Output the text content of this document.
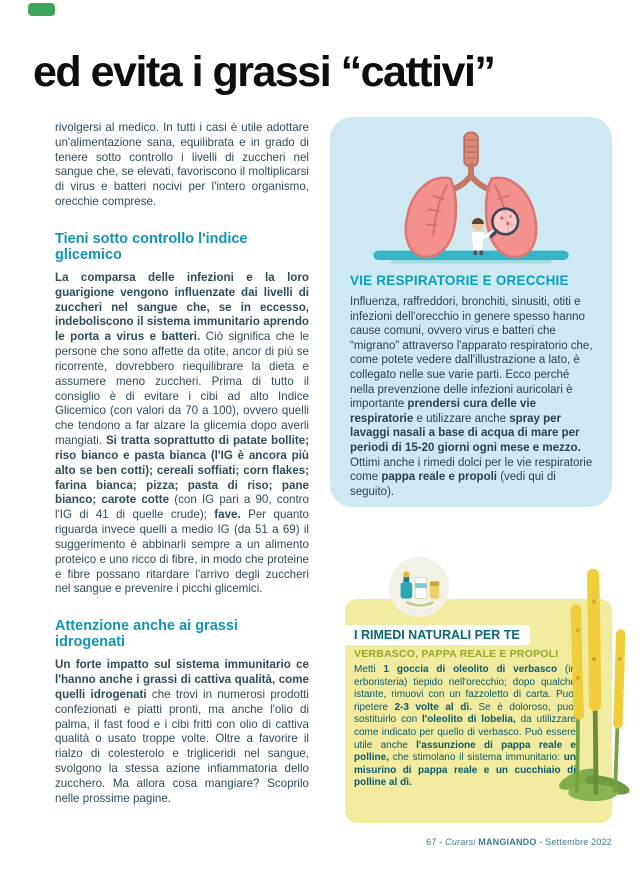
ed evita i grassi “cattivi”

rivolgersi al medico. In tutti i casi è utile adottare un'alimentazione sana, equilibrata e in grado di tenere sotto controllo i livelli di zuccheri nel sangue che, se elevati, favoriscono il moltiplicarsi di virus e batteri nocivi per l'intero organismo, orecchie comprese.

Tieni sotto controllo l'indice glicemico

La comparsa delle infezioni e la loro guarigione vengono influenzate dai livelli di zuccheri nel sangue che, se in eccesso, indeboliscono il sistema immunitario aprendo le porta a virus e batteri. Ciò significa che le persone che sono affette da otite, ancor di più se ricorrente, dovrebbero riequilibrare la dieta e assumere meno zuccheri. Prima di tutto il consiglio è di evitare i cibi ad alto Indice Glicemico (con valori da 70 a 100), ovvero quelli che tendono a far alzare la glicemia dopo averli mangiati. Si tratta soprattutto di patate bollite; riso bianco e pasta bianca (l'IG è ancora più alto se ben cotti); cereali soffiati; corn flakes; farina bianca; pizza; pasta di riso; pane bianco; carote cotte (con IG pari a 90, contro l'IG di 41 di quelle crude); fave. Per quanto riguarda invece quelli a medio IG (da 51 a 69) il suggerimento è abbinarli sempre a un alimento proteico e uno ricco di fibre, in modo che proteine e fibre possano ritardare l'arrivo degli zuccheri nel sangue e prevenire i picchi glicemici.

Attenzione anche ai grassi idrogenati

Un forte impatto sul sistema immunitario ce l'hanno anche i grassi di cattiva qualità, come quelli idrogenati che trovi in numerosi prodotti confezionati e piatti pronti, ma anche l'olio di palma, il fast food e i cibi fritti con olio di cattiva qualità o usato troppe volte. Oltre a favorire il rialzo di colesterolo e trigliceridi nel sangue, svolgono la stessa azione infiammatoria dello zucchero. Ma allora cosa mangiare? Scoprilo nelle prossime pagine.

VIE RESPIRATORIE E ORECCHIE

Influenza, raffreddori, bronchiti, sinusiti, otiti e infezioni dell'orecchio in genere spesso hanno cause comuni, ovvero virus e batteri che “migrano” attraverso l'apparato respiratorio che, come potete vedere dall'illustrazione a lato, è collegato nelle sue varie parti. Ecco perché nella prevenzione delle infezioni auricolari è importante prendersi cura delle vie respiratorie e utilizzare anche spray per lavaggi nasali a base di acqua di mare per periodi di 15-20 giorni ogni mese e mezzo. Ottimi anche i rimedi dolci per le vie respiratorie come pappa reale e propoli (vedi qui di seguito).

I RIMEDI NATURALI PER TE
VERBASCO, PAPPA REALE E PROPOLI

Metti 1 goccia di oleolito di verbasco (in erboristeria) tiepido nell'orecchio; dopo qualche istante, rimuovi con un fazzoletto di carta. Puoi ripetere 2-3 volte al dì. Se è doloroso, puoi sostituirlo con l'oleolito di lobelia, da utilizzare come indicato per quello di verbasco. Può essere utile anche l'assunzione di pappa reale e polline, che stimolano il sistema immunitario: un misurino di pappa reale e un cucchiaio di polline al dì.

67 - Curarsi MANGIANDO - Settembre 2022
